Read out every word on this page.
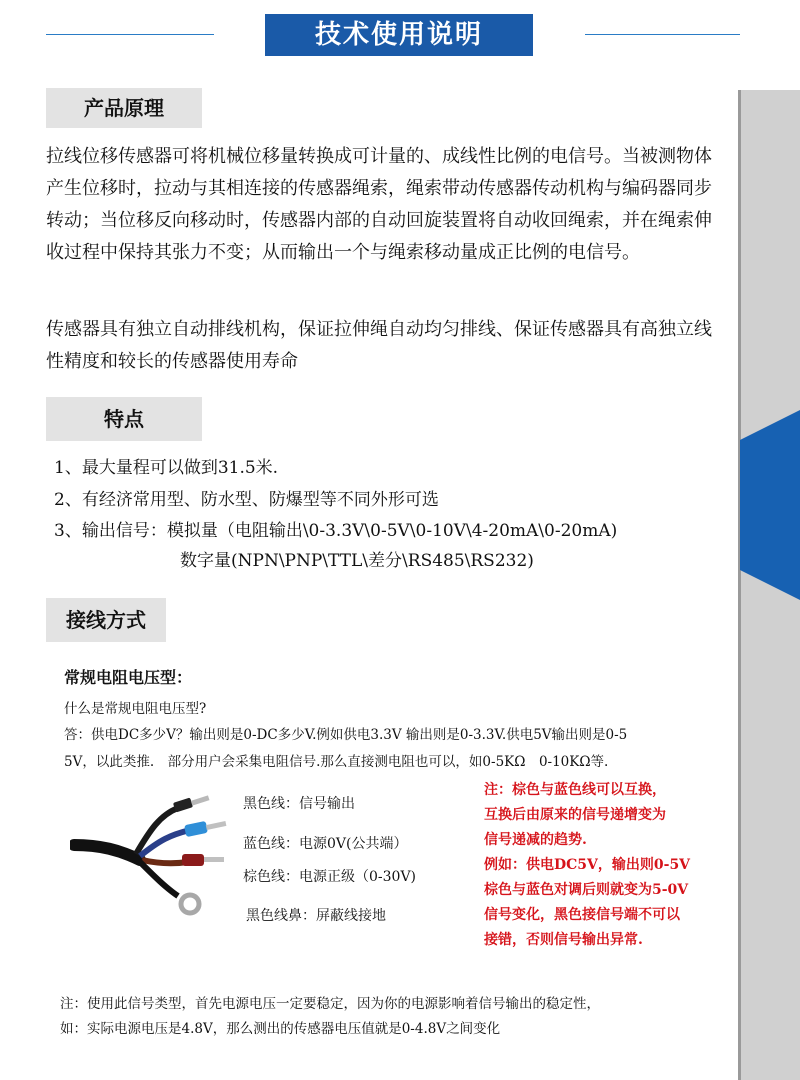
技术使用说明
产品原理

拉线位移传感器可将机械位移量转换成可计量的、成线性比例的电信号。当被测物体产生位移时，拉动与其相连接的传感器绳索，绳索带动传感器传动机构与编码器同步转动；当位移反向移动时，传感器内部的自动回旋装置将自动收回绳索，并在绳索伸收过程中保持其张力不变；从而输出一个与绳索移动量成正比例的电信号。

传感器具有独立自动排线机构，保证拉伸绳自动均匀排线、保证传感器具有高独立线性精度和较长的传感器使用寿命

特点

1、最大量程可以做到31.5米.

2、有经济常用型、防水型、防爆型等不同外形可选

3、输出信号：模拟量（电阻输出\0-3.3V\0-5V\0-10V\4-20mA\0-20mA)

数字量(NPN\PNP\TTL\差分\RS485\RS232)

接线方式
常规电阻电压型：

什么是常规电阻电压型?

答：供电DC多少V？输出则是0-DC多少V.例如供电3.3V 输出则是0-3.3V.供电5V输出则是0-5

5V，以此类推.　部分用户会采集电阻信号.那么直接测电阻也可以，如0-5KΩ　0-10KΩ等.

黑色线：信号输出
蓝色线：电源0V(公共端）
棕色线：电源正级（0-30V)
黑色线鼻：屏蔽线接地
注：棕色与蓝色线可以互换，
互换后由原来的信号递增变为
信号递减的趋势.
例如：供电DC5V，输出则0-5V
棕色与蓝色对调后则就变为5-0V
信号变化，黑色接信号端不可以
接错，否则信号输出异常.

注：使用此信号类型，首先电源电压一定要稳定，因为你的电源影响着信号输出的稳定性，

如：实际电源电压是4.8V，那么测出的传感器电压值就是0-4.8V之间变化
